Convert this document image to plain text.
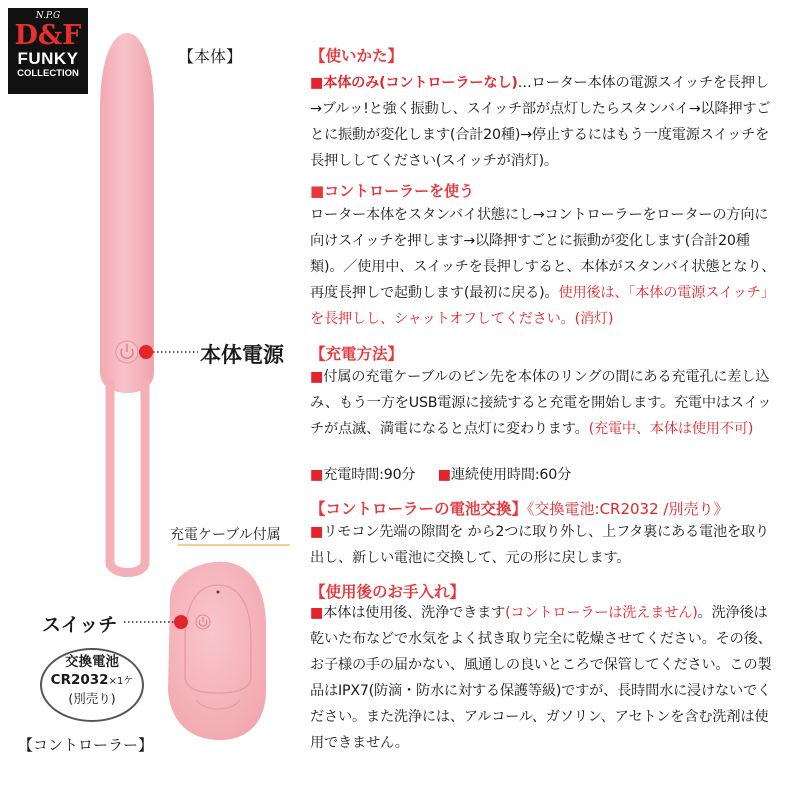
N.P.G
D&F
FUNKY
COLLECTION
【本体】
本体電源
充電ケーブル付属
スイッチ
交換電池
CR2032×1ケ
(別売り)
【コントローラー】
【使いかた】
■本体のみ(コントローラーなし)…ローター本体の電源スイッチを長押し→ブルッ!と強く振動し、スイッチ部が点灯したらスタンバイ→以降押すごとに振動が変化します(合計20種)→停止するにはもう一度電源スイッチを長押ししてください(スイッチが消灯)。
■コントローラーを使う
ローター本体をスタンバイ状態にし→コントローラーをローターの方向に向けスイッチを押します→以降押すごとに振動が変化します(合計20種類)。／使用中、スイッチを長押しすると、本体がスタンバイ状態となり、再度長押しで起動します(最初に戻る)。使用後は、「本体の電源スイッチ」を長押しし、シャットオフしてください。(消灯)
【充電方法】
■付属の充電ケーブルのピン先を本体のリングの間にある充電孔に差し込み、もう一方をUSB電源に接続すると充電を開始します。充電中はスイッチが点滅、満電になると点灯に変わります。(充電中、本体は使用不可)
■充電時間:90分 ■連続使用時間:60分
【コントローラーの電池交換】《交換電池:CR2032 /別売り》
■リモコン先端の隙間を から2つに取り外し、上フタ裏にある電池を取り出し、新しい電池に交換して、元の形に戻します。
【使用後のお手入れ】
■本体は使用後、洗浄できます(コントローラーは洗えません)。洗浄後は乾いた布などで水気をよく拭き取り完全に乾燥させてください。その後、お子様の手の届かない、風通しの良いところで保管してください。この製品はIPX7(防滴・防水に対する保護等級)ですが、長時間水に浸けないでください。また洗浄には、アルコール、ガソリン、アセトンを含む洗剤は使用できません。
